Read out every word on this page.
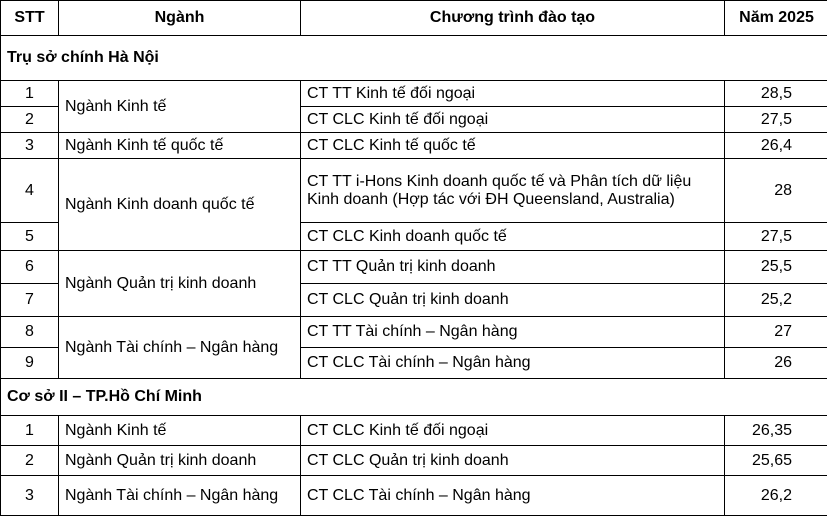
STT	Ngành	Chương trình đào tạo	Năm 2025
Trụ sở chính Hà Nội			
1	Ngành Kinh tế	CT TT Kinh tế đối ngoại	28,5
2		CT CLC Kinh tế đối ngoại	27,5
3	Ngành Kinh tế quốc tế	CT CLC Kinh tế quốc tế	26,4
4	Ngành Kinh doanh quốc tế	CT TT i-Hons Kinh doanh quốc tế và Phân tích dữ liệu Kinh doanh (Hợp tác với ĐH Queensland, Australia)	28
5		CT CLC Kinh doanh quốc tế	27,5
6	Ngành Quản trị kinh doanh	CT TT Quản trị kinh doanh	25,5
7		CT CLC Quản trị kinh doanh	25,2
8	Ngành Tài chính – Ngân hàng	CT TT Tài chính – Ngân hàng	27
9		CT CLC Tài chính – Ngân hàng	26
Cơ sở II – TP.Hồ Chí Minh			
1	Ngành Kinh tế	CT CLC Kinh tế đối ngoại	26,35
2	Ngành Quản trị kinh doanh	CT CLC Quản trị kinh doanh	25,65
3	Ngành Tài chính – Ngân hàng	CT CLC Tài chính – Ngân hàng	26,2
